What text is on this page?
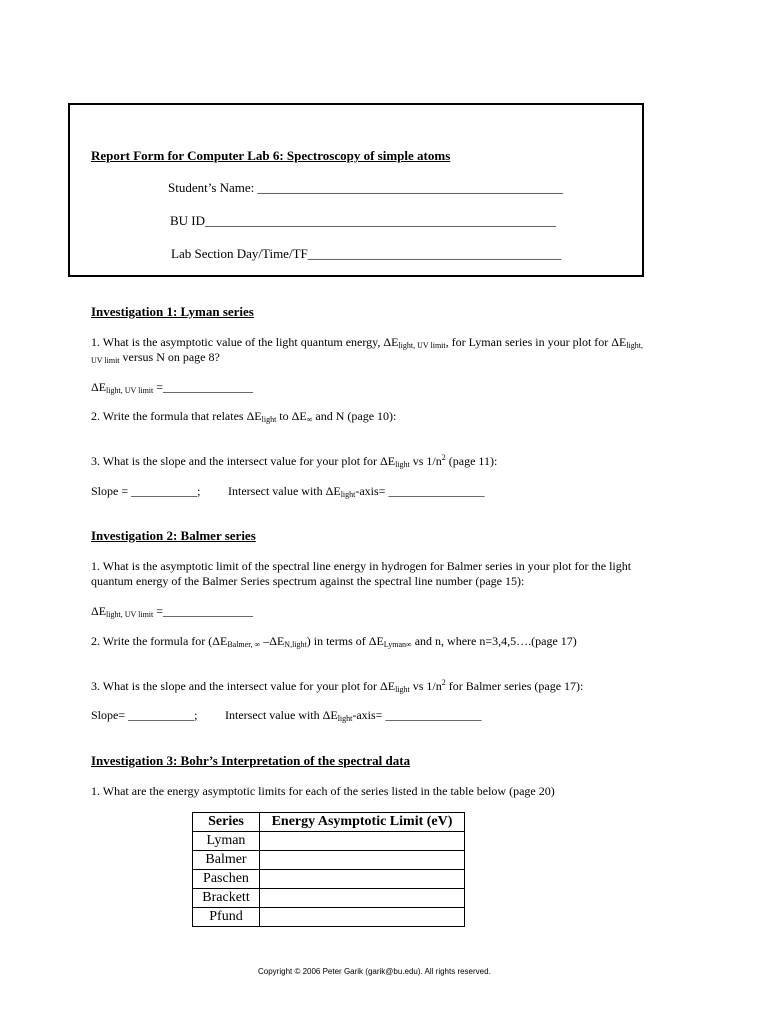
Report Form for Computer Lab 6: Spectroscopy of simple atoms
Student’s Name: _______________________________________________
BU ID______________________________________________________
Lab Section Day/Time/TF_______________________________________
Investigation 1: Lyman series
1. What is the asymptotic value of the light quantum energy, $\Delta E_{light, UV limit}$, for Lyman series in your plot for $\Delta E_{light,}$
$_{UV limit}$ versus N on page 8?
$\Delta E_{light, UV limit}$ =_______________
2. Write the formula that relates $\Delta E_{light}$ to $\Delta E_\infty$ and N (page 10):
3. What is the slope and the intersect value for your plot for $\Delta E_{light}$ vs $1/n^2$ (page 11):
Slope = ___________; Intersect value with $\Delta E_{light}-axis=$ ________________
Investigation 2: Balmer series
1. What is the asymptotic limit of the spectral line energy in hydrogen for Balmer series in your plot for the light
quantum energy of the Balmer Series spectrum against the spectral line number (page 15):
$\Delta E_{light, UV limit}$ =_______________
2. Write the formula for ($\Delta E_{Balmer, \infty}$ $-\Delta E_{N,light}$) in terms of $\Delta E_{Lyman\infty}$ and n, where n=3,4,5….(page 17)
3. What is the slope and the intersect value for your plot for $\Delta E_{light}$ vs $1/n^2$ for Balmer series (page 17):
Slope= ___________; Intersect value with $\Delta E_{light}-axis=$ ________________
Investigation 3: Bohr’s Interpretation of the spectral data
1. What are the energy asymptotic limits for each of the series listed in the table below (page 20)
Series	Energy Asymptotic Limit (eV)
Lyman	
Balmer	
Paschen	
Brackett	
Pfund	
Copyright © 2006 Peter Garik (garik@bu.edu). All rights reserved.
